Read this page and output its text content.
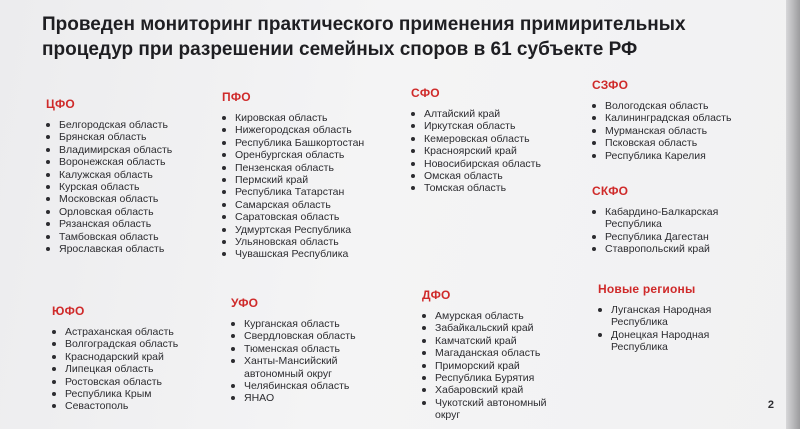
Проведен мониторинг практического применения примирительных процедур при разрешении семейных споров в 61 субъекте РФ
ЦФО
Белгородская область
Брянская область
Владимирская область
Воронежская область
Калужская область
Курская область
Московская область
Орловская область
Рязанская область
Тамбовская область
Ярославская область
ПФО
Кировская область
Нижегородская область
Республика Башкортостан
Оренбургская область
Пензенская область
Пермский край
Республика Татарстан
Самарская область
Саратовская область
Удмуртская Республика
Ульяновская область
Чувашская Республика
СФО
Алтайский край
Иркутская область
Кемеровская область
Красноярский край
Новосибирская область
Омская область
Томская область
СЗФО
Вологодская область
Калининградская область
Мурманская область
Псковская область
Республика Карелия
СКФО
Кабардино-Балкарская Республика
Республика Дагестан
Ставропольский край
ЮФО
Астраханская область
Волгоградская область
Краснодарский край
Липецкая область
Ростовская область
Республика Крым
Севастополь
УФО
Курганская область
Свердловская область
Тюменская область
Ханты-Мансийский автономный округ
Челябинская область
ЯНАО
ДФО
Амурская область
Забайкальский край
Камчатский край
Магаданская область
Приморский край
Республика Бурятия
Хабаровский край
Чукотский автономный округ
Новые регионы
Луганская Народная Республика
Донецкая Народная Республика
2
